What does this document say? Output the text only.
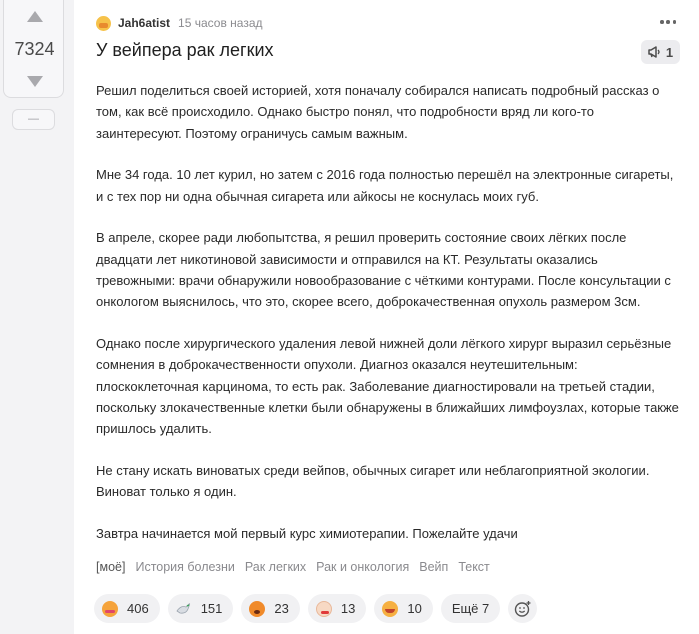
7324
—
Jah6atist 15 часов назад
У вейпера рак легких	1

Решил поделиться своей историей, хотя поначалу собирался написать подробный рассказ о том, как всё происходило. Однако быстро понял, что подробности вряд ли кого-то заинтересуют. Поэтому ограничусь самым важным.

Мне 34 года. 10 лет курил, но затем с 2016 года полностью перешёл на электронные сигареты, и с тех пор ни одна обычная сигарета или айкосы не коснулась моих губ.

В апреле, скорее ради любопытства, я решил проверить состояние своих лёгких после двадцати лет никотиновой зависимости и отправился на КТ. Результаты оказались тревожными: врачи обнаружили новообразование с чёткими контурами. После консультации с онкологом выяснилось, что это, скорее всего, доброкачественная опухоль размером 3см.

Однако после хирургического удаления левой нижней доли лёгкого хирург выразил серьёзные сомнения в доброкачественности опухоли. Диагноз оказался неутешительным: плоскоклеточная карцинома, то есть рак. Заболевание диагностировали на третьей стадии, поскольку злокачественные клетки были обнаружены в ближайших лимфоузлах, которые также пришлось удалить.

Не стану искать виноватых среди вейпов, обычных сигарет или неблагоприятной экологии. Виноват только я один.

Завтра начинается мой первый курс химиотерапии. Пожелайте удачи

[моё] История болезни Рак легких Рак и онкология Вейп Текст
406	151	23	13	10	Ещё 7
